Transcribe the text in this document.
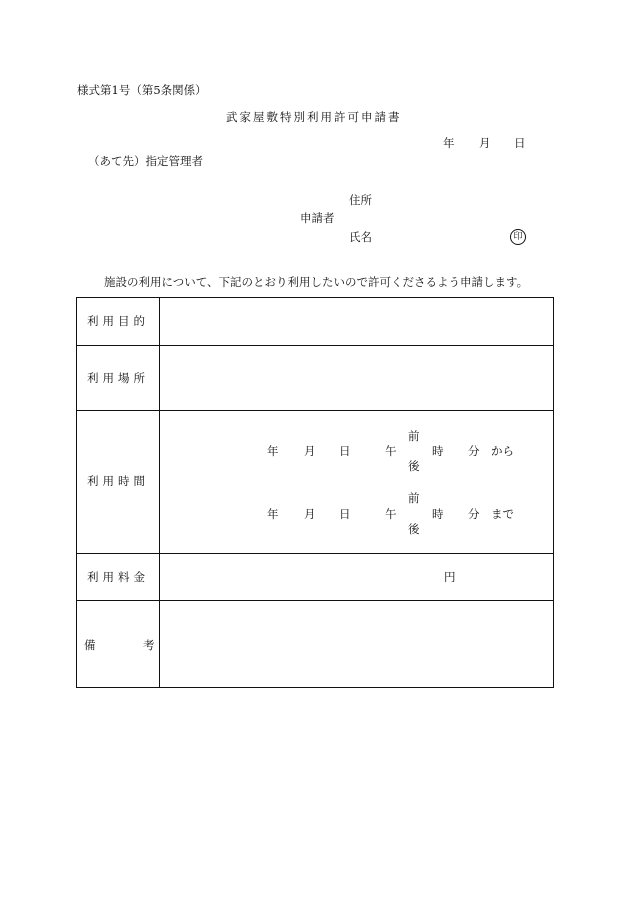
様式第1号（第5条関係）
武家屋敷特別利用許可申請書
年 月 日
（あて先）指定管理者
住所
申請者
氏名	印
施設の利用について、下記のとおり利用したいので許可くださるよう申請します。
利用目的
利用場所
利用時間
前
年 月 日	午	時 分 から
後
前
年 月 日	午	時 分 まで
後
利用料金	円
備	考
